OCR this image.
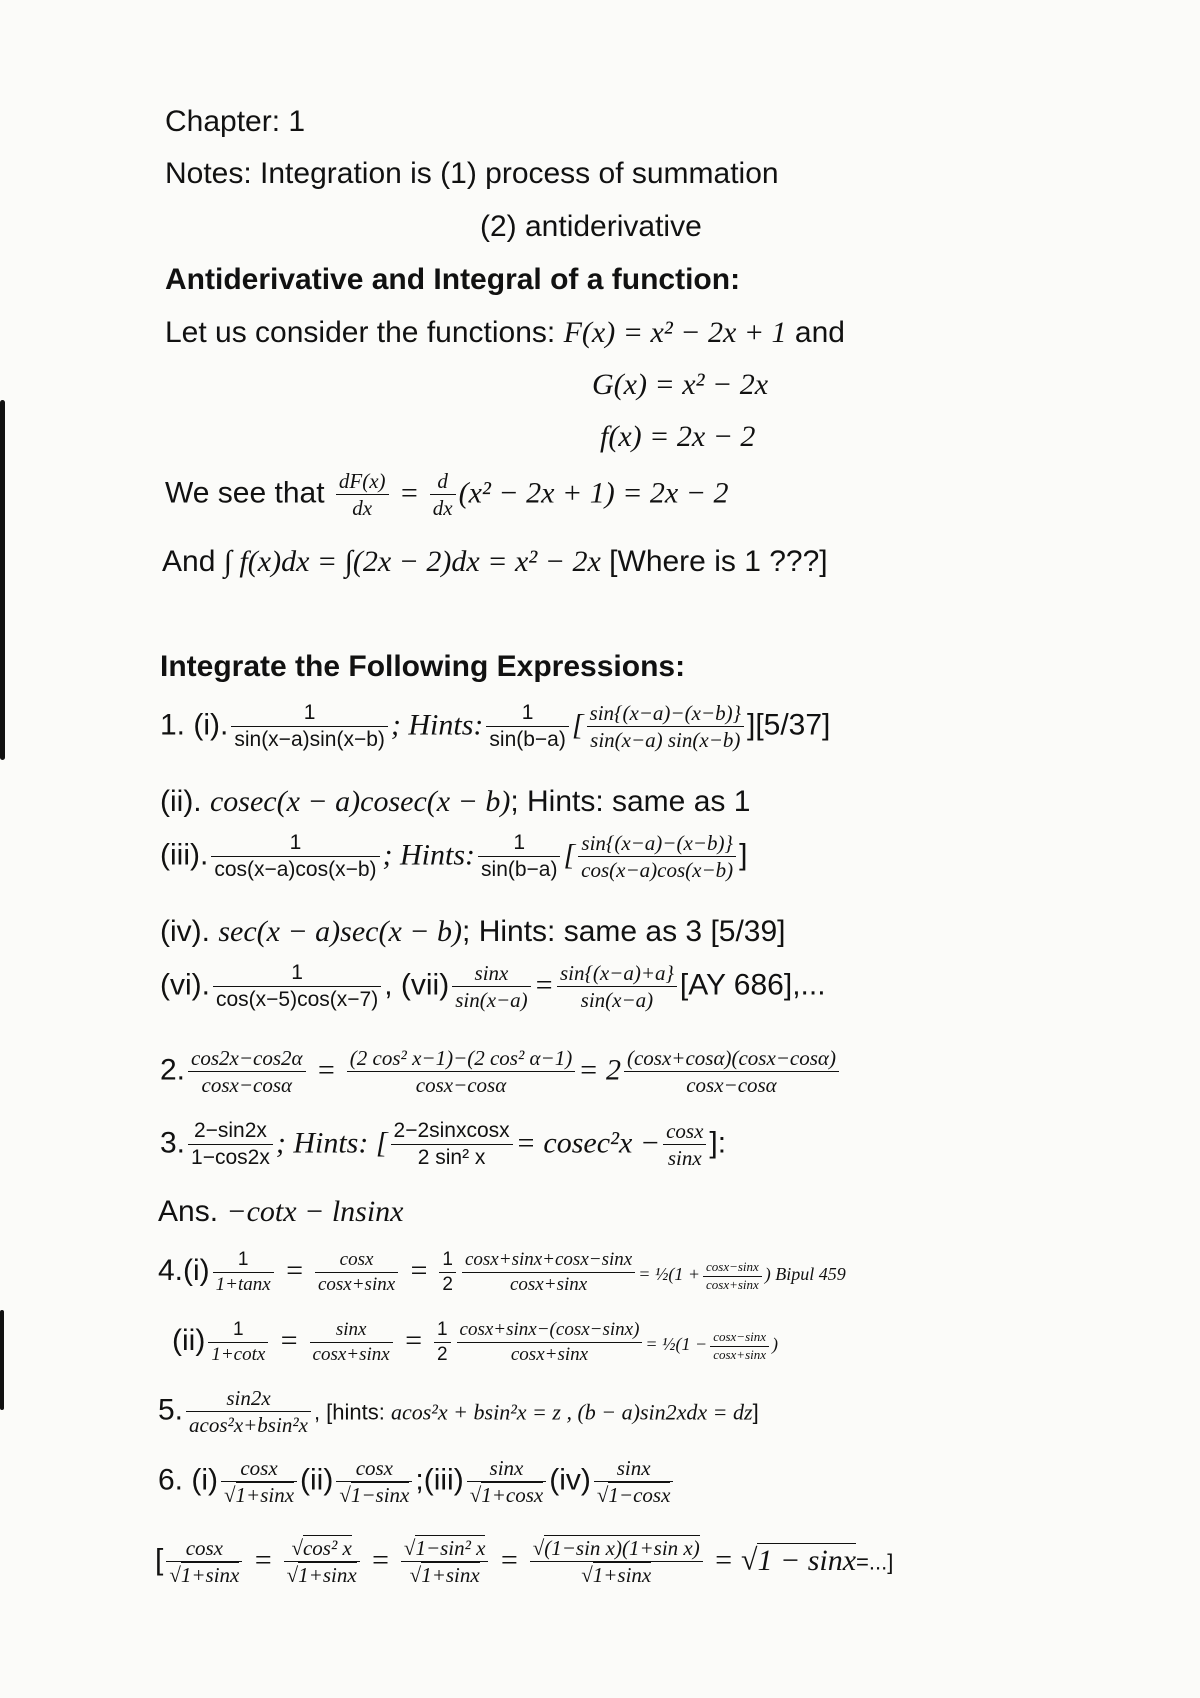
Chapter: 1
Notes: Integration is (1) process of summation
(2) antiderivative
Antiderivative and Integral of a function:
Let us consider the functions: F(x) = x² − 2x + 1 and
G(x) = x² − 2x
f(x) = 2x − 2
We see that $\frac{dF(x)}{dx} = \frac{d}{dx} (x^2 - 2x + 1) = 2x - 2$
And ∫ f(x)dx = ∫(2x − 2)dx = x² − 2x [Where is 1 ???]
Integrate the Following Expressions:
1. (i). $\frac{1}{\sin(x-a)\sin(x-b)}$ ; Hints: $\frac{1}{\sin(b-a)}$ [ $\frac{\sin\{(x-a)-(x-b)\}}{\sin(x-a) \sin(x-b)} ][5/37]$
(ii). cosec(x − a)cosec(x − b); Hints: same as 1
(iii). $\frac{1}{\cos(x-a)\cos(x-b)}$ ; Hints: $\frac{1}{\sin(b-a)}$ [ $\frac{\sin\{(x-a)-(x-b)\}}{\cos(x-a)\cos(x-b)}$ ]
(iv). sec(x − a)sec(x − b); Hints: same as 3 [5/39]
(vi). $\frac{1}{\cos(x-5)\cos(x-7)}$ , $(vii) \frac{\sin x}{\sin(x-a)} = \frac{\sin\{(x-a)+a\}}{\sin(x-a)} [AY$ 686],...
2. $\frac{\cos 2x-\cos 2\alpha}{\cos x-\cos\alpha} = \frac{\text{(2 cos² x−1)−(2 cos² α−1)}}{\cos x-\cos\alpha} = 2 \frac{(\cos x+\cos\alpha)(\cos x-\cos\alpha)}{\cos x-\cos\alpha}$
3. $\frac{2-\sin 2x}{1-\cos 2x}$ ; Hints: [ $\frac{\text{2−2sinxcosx}}{\text{2 sin² x}} = cosec^2x - \frac{\cos x}{\sin x}$ ]:
Ans. −cotx − lnsinx
$4.(i) \frac{1}{1+\tan x} = \frac{\cos x}{\cos x+\sin x} = \frac{1}{2} \frac{\cos x+\sin x+\cos x-\sin x}{\cos x+\sin x}$ = ½(1 + $\frac{\cos x-\sin x}{\cos x+\sin x}$ ) Bipul 459
$(ii) \frac{1}{1+\cot x} = \frac{\sin x}{\cos x+\sin x} = \frac{1}{2} \frac{\cos x+\sin x-(\cos x-\sin x)}{\cos x+\sin x}$ = ½(1 − $\frac{\cos x-\sin x}{\cos x+\sin x}$ )
5. $\frac{\sin 2x}{\text{acos²x+bsin²x}}$ , [hints: acos²x + bsin²x = z , (b − a)sin2xdx = dz]
6. $(i) \frac{\cos x}{√1+\sin x} (ii) \frac{\cos x}{√1-\sin x}$ ;(iii) $\frac{\sin x}{√1+\cos x} (iv) \frac{\sin x}{√1-\cos x}$
[ $\frac{\cos x}{√1+\sin x} = \frac{\text{√cos² x}}{√1+\sin x} = \frac{\text{√1−sin² x}}{√1+\sin x} = \frac{\text{√(1−sin x)(1+sin x)}}{√1+\sin x} = √1 - \sin x=$...]
